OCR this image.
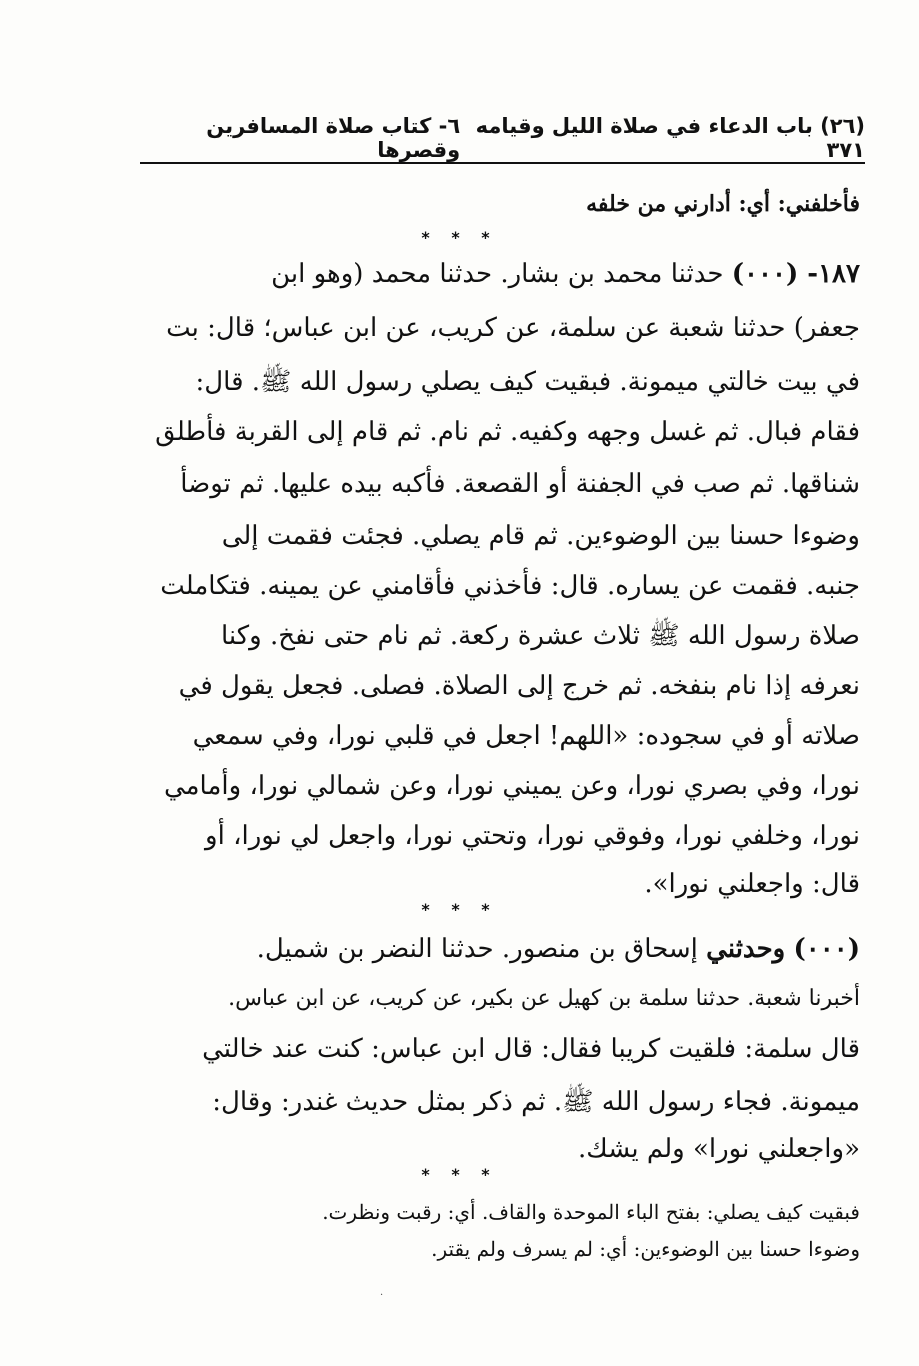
(٢٦) باب الدعاء في صلاة الليل وقيامه ٣٧١
٦- كتاب صلاة المسافرين وقصرها
فأخلفني: أي: أدارني من خلفه
* * *
١٨٧- (٠٠٠) حدثنا محمد بن بشار. حدثنا محمد (وهو ابن
جعفر) حدثنا شعبة عن سلمة، عن كريب، عن ابن عباس؛ قال: بت
في بيت خالتي ميمونة. فبقيت كيف يصلي رسول الله ﷺ. قال:
فقام فبال. ثم غسل وجهه وكفيه. ثم نام. ثم قام إلى القربة فأطلق
شناقها. ثم صب في الجفنة أو القصعة. فأكبه بيده عليها. ثم توضأ
وضوءا حسنا بين الوضوءين. ثم قام يصلي. فجئت فقمت إلى
جنبه. فقمت عن يساره. قال: فأخذني فأقامني عن يمينه. فتكاملت
صلاة رسول الله ﷺ ثلاث عشرة ركعة. ثم نام حتى نفخ. وكنا
نعرفه إذا نام بنفخه. ثم خرج إلى الصلاة. فصلى. فجعل يقول في
صلاته أو في سجوده: «اللهم! اجعل في قلبي نورا، وفي سمعي
نورا، وفي بصري نورا، وعن يميني نورا، وعن شمالي نورا، وأمامي
نورا، وخلفي نورا، وفوقي نورا، وتحتي نورا، واجعل لي نورا، أو
قال: واجعلني نورا».
* * *
(٠٠٠) وحدثني إسحاق بن منصور. حدثنا النضر بن شميل.
أخبرنا شعبة. حدثنا سلمة بن كهيل عن بكير، عن كريب، عن ابن عباس.
قال سلمة: فلقيت كريبا فقال: قال ابن عباس: كنت عند خالتي
ميمونة. فجاء رسول الله ﷺ. ثم ذكر بمثل حديث غندر: وقال:
«واجعلني نورا» ولم يشك.
* * *
فبقيت كيف يصلي: بفتح الباء الموحدة والقاف. أي: رقبت ونظرت.
وضوءا حسنا بين الوضوءين: أي: لم يسرف ولم يقتر.
·
